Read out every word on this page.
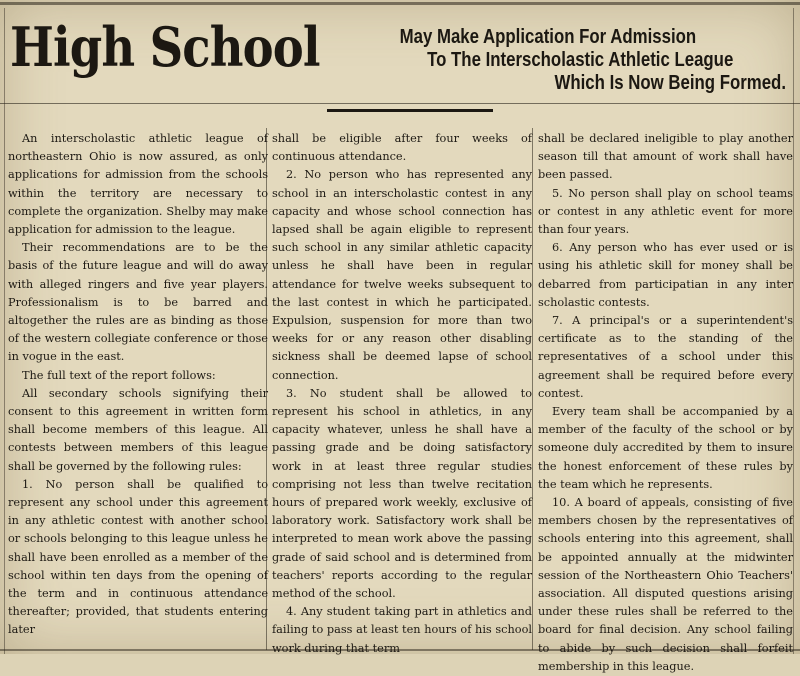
High School	May Make Application For Admission
To The Interscholastic Athletic League
Which Is Now Being Formed.

An interscholastic athletic league of northeastern Ohio is now assured, as only applications for admission from the schools within the territory are necessary to complete the organization. Shelby may make application for admission to the league.

Their recommendations are to be the basis of the future league and will do away with alleged ringers and five year players. Professionalism is to be barred and altogether the rules are as binding as those of the western collegiate conference or those in vogue in the east.

The full text of the report follows:

All secondary schools signifying their consent to this agreement in written form shall become members of this league. All contests between members of this league shall be governed by the following rules:

1. No person shall be qualified to represent any school under this agreement in any athletic contest with another school or schools belonging to this league unless he shall have been enrolled as a member of the school within ten days from the opening of the term and in continuous attendance thereafter; provided, that students entering later

shall be eligible after four weeks of continuous attendance.

2. No person who has represented any school in an interscholastic contest in any capacity and whose school connection has lapsed shall be again eligible to represent such school in any similar athletic capacity unless he shall have been in regular attendance for twelve weeks subsequent to the last contest in which he participated. Expulsion, suspension for more than two weeks for or any reason other disabling sickness shall be deemed lapse of school connection.

3. No student shall be allowed to represent his school in athletics, in any capacity whatever, unless he shall have a passing grade and be doing satisfactory work in at least three regular studies comprising not less than twelve recitation hours of prepared work weekly, exclusive of laboratory work. Satisfactory work shall be interpreted to mean work above the passing grade of said school and is determined from teachers' reports according to the regular method of the school.

4. Any student taking part in athletics and failing to pass at least ten hours of his school work during that term

shall be declared ineligible to play another season till that amount of work shall have been passed.

5. No person shall play on school teams or contest in any athletic event for more than four years.

6. Any person who has ever used or is using his athletic skill for money shall be debarred from participatian in any inter scholastic contests.

7. A principal's or a superintendent's certificate as to the standing of the representatives of a school under this agreement shall be required before every contest.

Every team shall be accompanied by a member of the faculty of the school or by someone duly accredited by them to insure the honest enforcement of these rules by the team which he represents.

10. A board of appeals, consisting of five members chosen by the representatives of schools entering into this agreement, shall be appointed annually at the midwinter session of the Northeastern Ohio Teachers' association. All disputed questions arising under these rules shall be referred to the board for final decision. Any school failing to abide by such decision shall forfeit membership in this league.
